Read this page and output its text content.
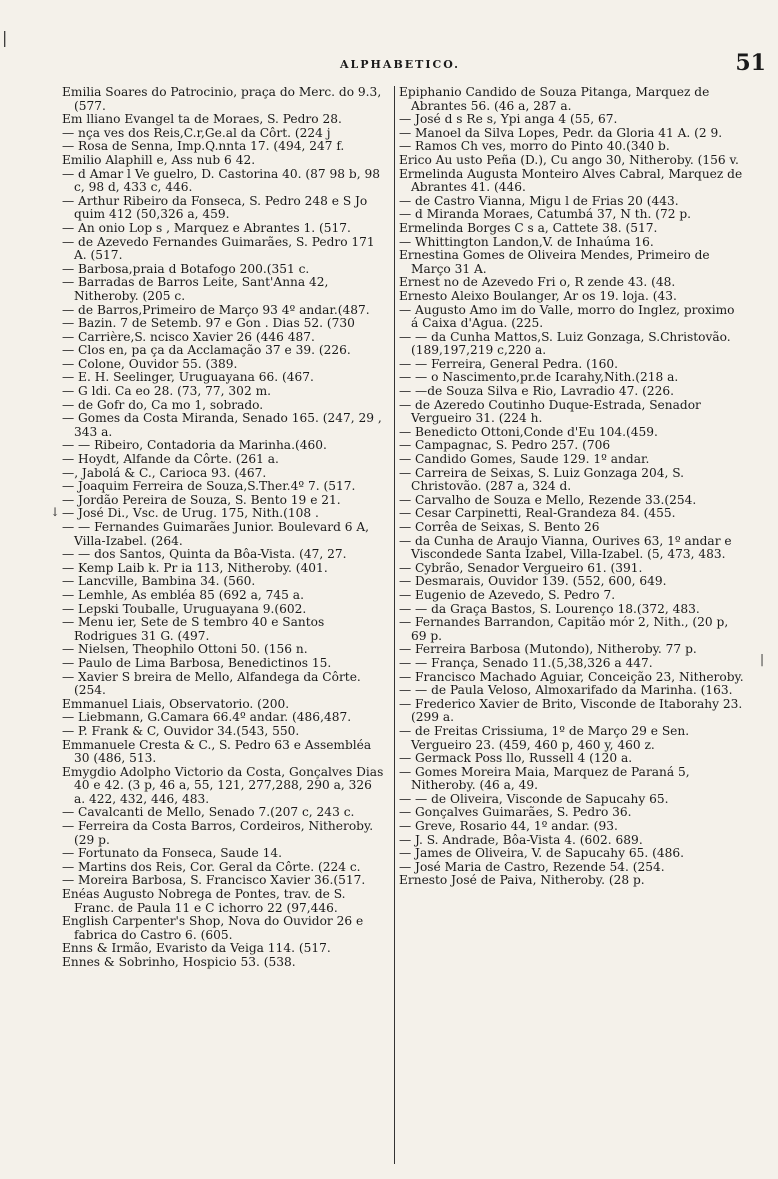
|
↓
|
ALPHABETICO.	51

Emilia Soares do Patrocinio, praça do Merc. do 9.3, (577.

Em lliano Evangel ta de Moraes, S. Pedro 28.

— nça ves dos Reis,C.r,Ge.al da Côrt. (224 j

— Rosa de Senna, Imp.Q.nnta 17. (494, 247 f.

Emilio Alaphill e, Ass nub 6 42.

— d Amar l Ve guelro, D. Castorina 40. (87 98 b, 98 c, 98 d, 433 c, 446.

— Arthur Ribeiro da Fonseca, S. Pedro 248 e S Jo quim 412 (50,326 a, 459.

— An onio Lop s , Marquez e Abrantes 1. (517.

— de Azevedo Fernandes Guimarães, S. Pedro 171 A. (517.

— Barbosa,praia d Botafogo 200.(351 c.

— Barradas de Barros Leite, Sant'Anna 42, Nitheroby. (205 c.

— de Barros,Primeiro de Março 93 4º andar.(487.

— Bazin. 7 de Setemb. 97 e Gon . Dias 52. (730

— Carrière,S. ncisco Xavier 26 (446 487.

— Clos en, pa ça da Acclamação 37 e 39. (226.

— Colone, Ouvidor 55. (389.

— E. H. Seelinger, Uruguayana 66. (467.

— G ldi. Ca eo 28. (73, 77, 302 m.

— de Gofr do, Ca mo 1, sobrado.

— Gomes da Costa Miranda, Senado 165. (247, 29 , 343 a.

— — Ribeiro, Contadoria da Marinha.(460.

— Hoydt, Alfande da Côrte. (261 a.

—, Jabolá & C., Carioca 93. (467.

— Joaquim Ferreira de Souza,S.Ther.4º 7. (517.

— Jordão Pereira de Souza, S. Bento 19 e 21.

— José Di., Vsc. de Urug. 175, Nith.(108 .

— — Fernandes Guimarães Junior. Boulevard 6 A, Villa-Izabel. (264.

— — dos Santos, Quinta da Bôa-Vista. (47, 27.

— Kemp Laib k. Pr ia 113, Nitheroby. (401.

— Lancville, Bambina 34. (560.

— Lemhle, As embléa 85 (692 a, 745 a.

— Lepski Touballe, Uruguayana 9.(602.

— Menu ier, Sete de S tembro 40 e Santos Rodrigues 31 G. (497.

— Nielsen, Theophilo Ottoni 50. (156 n.

— Paulo de Lima Barbosa, Benedictinos 15.

— Xavier S breira de Mello, Alfandega da Côrte. (254.

Emmanuel Liais, Observatorio. (200.

— Liebmann, G.Camara 66.4º andar. (486,487.

— P. Frank & C, Ouvidor 34.(543, 550.

Emmanuele Cresta & C., S. Pedro 63 e Assembléa 30 (486, 513.

Emygdio Adolpho Victorio da Costa, Gonçalves Dias 40 e 42. (3 p, 46 a, 55, 121, 277,288, 290 a, 326 a. 422, 432, 446, 483.

— Cavalcanti de Mello, Senado 7.(207 c, 243 c.

— Ferreira da Costa Barros, Cordeiros, Nitheroby. (29 p.

— Fortunato da Fonseca, Saude 14.

— Martins dos Reis, Cor. Geral da Côrte. (224 c.

— Moreira Barbosa, S. Francisco Xavier 36.(517.

Enéas Augusto Nobrega de Pontes, trav. de S. Franc. de Paula 11 e C ichorro 22 (97,446.

English Carpenter's Shop, Nova do Ouvidor 26 e fabrica do Castro 6. (605.

Enns & Irmão, Evaristo da Veiga 114. (517.

Ennes & Sobrinho, Hospicio 53. (538.

Epiphanio Candido de Souza Pitanga, Marquez de Abrantes 56. (46 a, 287 a.

— José d s Re s, Ypi anga 4 (55, 67.

— Manoel da Silva Lopes, Pedr. da Gloria 41 A. (2 9.

— Ramos Ch ves, morro do Pinto 40.(340 b.

Erico Au usto Peña (D.), Cu ango 30, Nitheroby. (156 v.

Ermelinda Augusta Monteiro Alves Cabral, Marquez de Abrantes 41. (446.

— de Castro Vianna, Migu l de Frias 20 (443.

— d Miranda Moraes, Catumbá 37, N th. (72 p.

Ermelinda Borges C s a, Cattete 38. (517.

— Whittington Landon,V. de Inhaúma 16.

Ernestina Gomes de Oliveira Mendes, Primeiro de Março 31 A.

Ernest no de Azevedo Fri o, R zende 43. (48.

Ernesto Aleixo Boulanger, Ar os 19. loja. (43.

— Augusto Amo im do Valle, morro do Inglez, proximo á Caixa d'Agua. (225.

— — da Cunha Mattos,S. Luiz Gonzaga, S.Christovão. (189,197,219 c,220 a.

— — Ferreira, General Pedra. (160.

— — o Nascimento,pr.de Icarahy,Nith.(218 a.

— —de Souza Silva e Rio, Lavradio 47. (226.

— de Azeredo Coutinho Duque-Estrada, Senador Vergueiro 31. (224 h.

— Benedicto Ottoni,Conde d'Eu 104.(459.

— Campagnac, S. Pedro 257. (706

— Candido Gomes, Saude 129. 1º andar.

— Carreira de Seixas, S. Luiz Gonzaga 204, S. Christovão. (287 a, 324 d.

— Carvalho de Souza e Mello, Rezende 33.(254.

— Cesar Carpinetti, Real-Grandeza 84. (455.

— Corrêa de Seixas, S. Bento 26

— da Cunha de Araujo Vianna, Ourives 63, 1º andar e Viscondede Santa Izabel, Villa-Izabel. (5, 473, 483.

— Cybrão, Senador Vergueiro 61. (391.

— Desmarais, Ouvidor 139. (552, 600, 649.

— Eugenio de Azevedo, S. Pedro 7.

— — da Graça Bastos, S. Lourenço 18.(372, 483.

— Fernandes Barrandon, Capitão mór 2, Nith., (20 p, 69 p.

— Ferreira Barbosa (Mutondo), Nitheroby. 77 p.

— — França, Senado 11.(5,38,326 a 447.

— Francisco Machado Aguiar, Conceição 23, Nitheroby.

— — de Paula Veloso, Almoxarifado da Marinha. (163.

— Frederico Xavier de Brito, Visconde de Itaborahy 23. (299 a.

— de Freitas Crissiuma, 1º de Março 29 e Sen. Vergueiro 23. (459, 460 p, 460 y, 460 z.

— Germack Poss llo, Russell 4 (120 a.

— Gomes Moreira Maia, Marquez de Paraná 5, Nitheroby. (46 a, 49.

— — de Oliveira, Visconde de Sapucahy 65.

— Gonçalves Guimarães, S. Pedro 36.

— Greve, Rosario 44, 1º andar. (93.

— J. S. Andrade, Bôa-Vista 4. (602. 689.

— James de Oliveira, V. de Sapucahy 65. (486.

— José Maria de Castro, Rezende 54. (254.

Ernesto José de Paiva, Nitheroby. (28 p.
